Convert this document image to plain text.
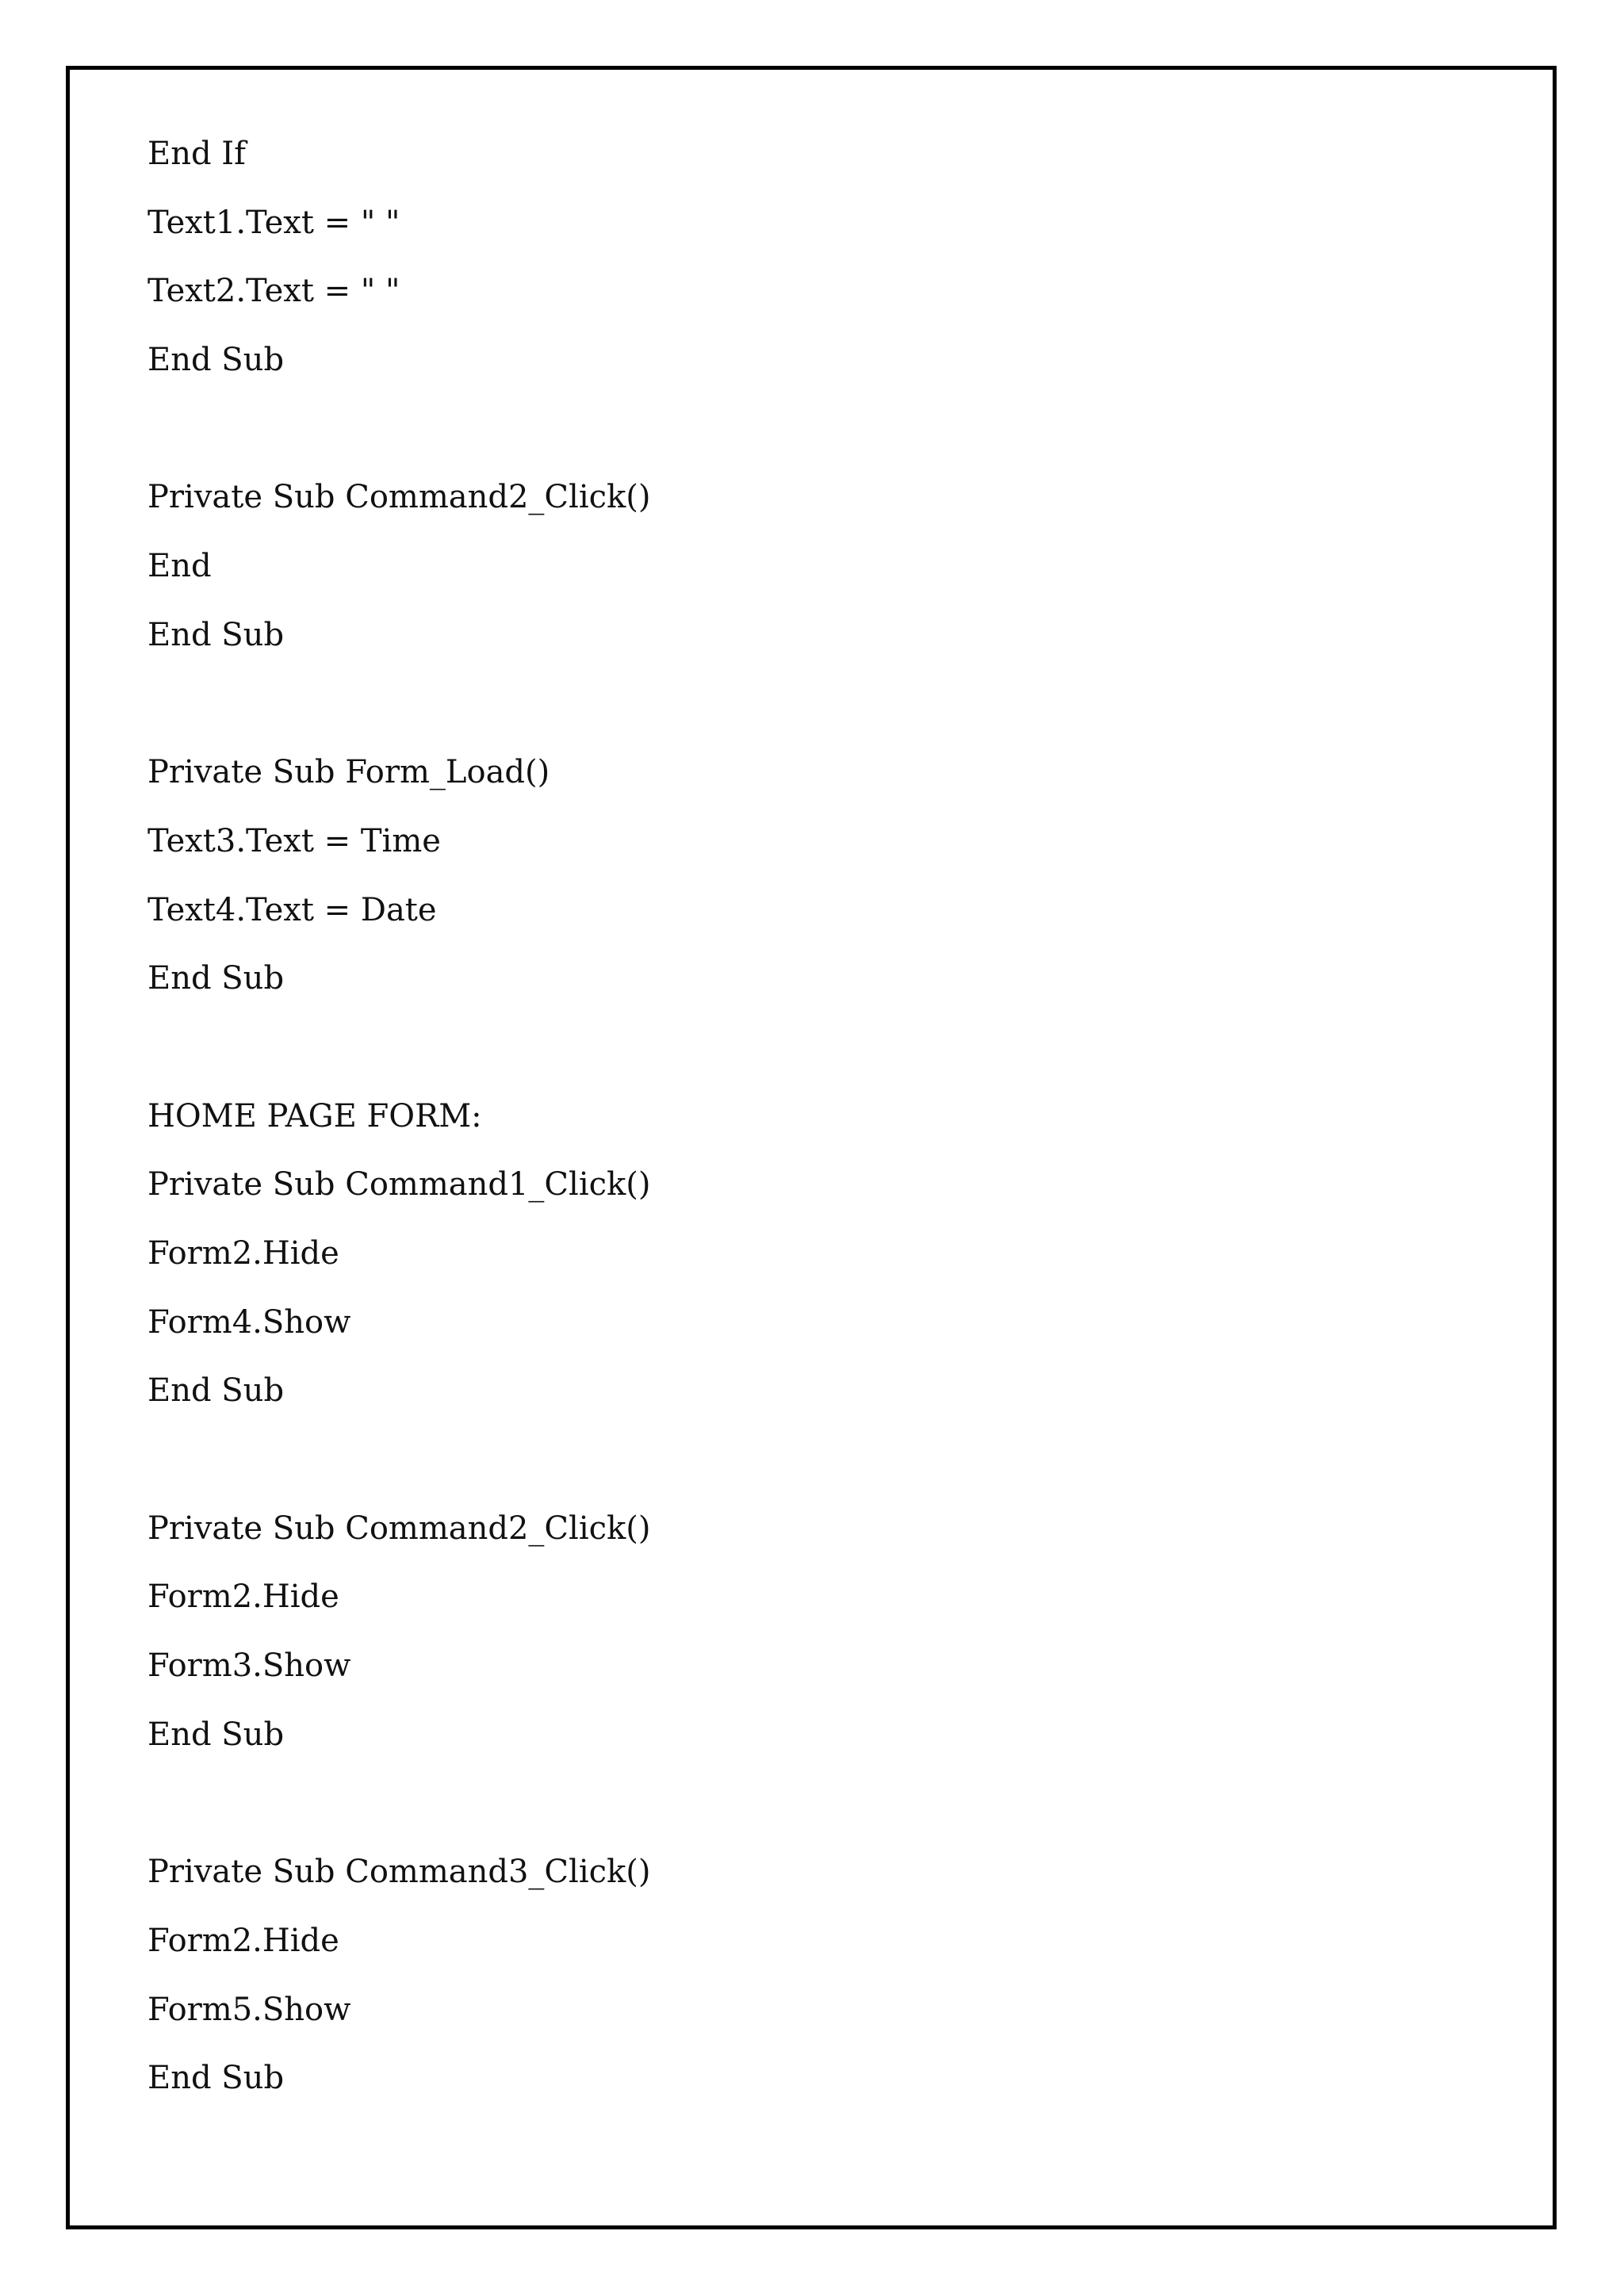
End If
Text1.Text = " "
Text2.Text = " "
End Sub
Private Sub Command2_Click()
End
End Sub
Private Sub Form_Load()
Text3.Text = Time
Text4.Text = Date
End Sub
HOME PAGE FORM:
Private Sub Command1_Click()
Form2.Hide
Form4.Show
End Sub
Private Sub Command2_Click()
Form2.Hide
Form3.Show
End Sub
Private Sub Command3_Click()
Form2.Hide
Form5.Show
End Sub
